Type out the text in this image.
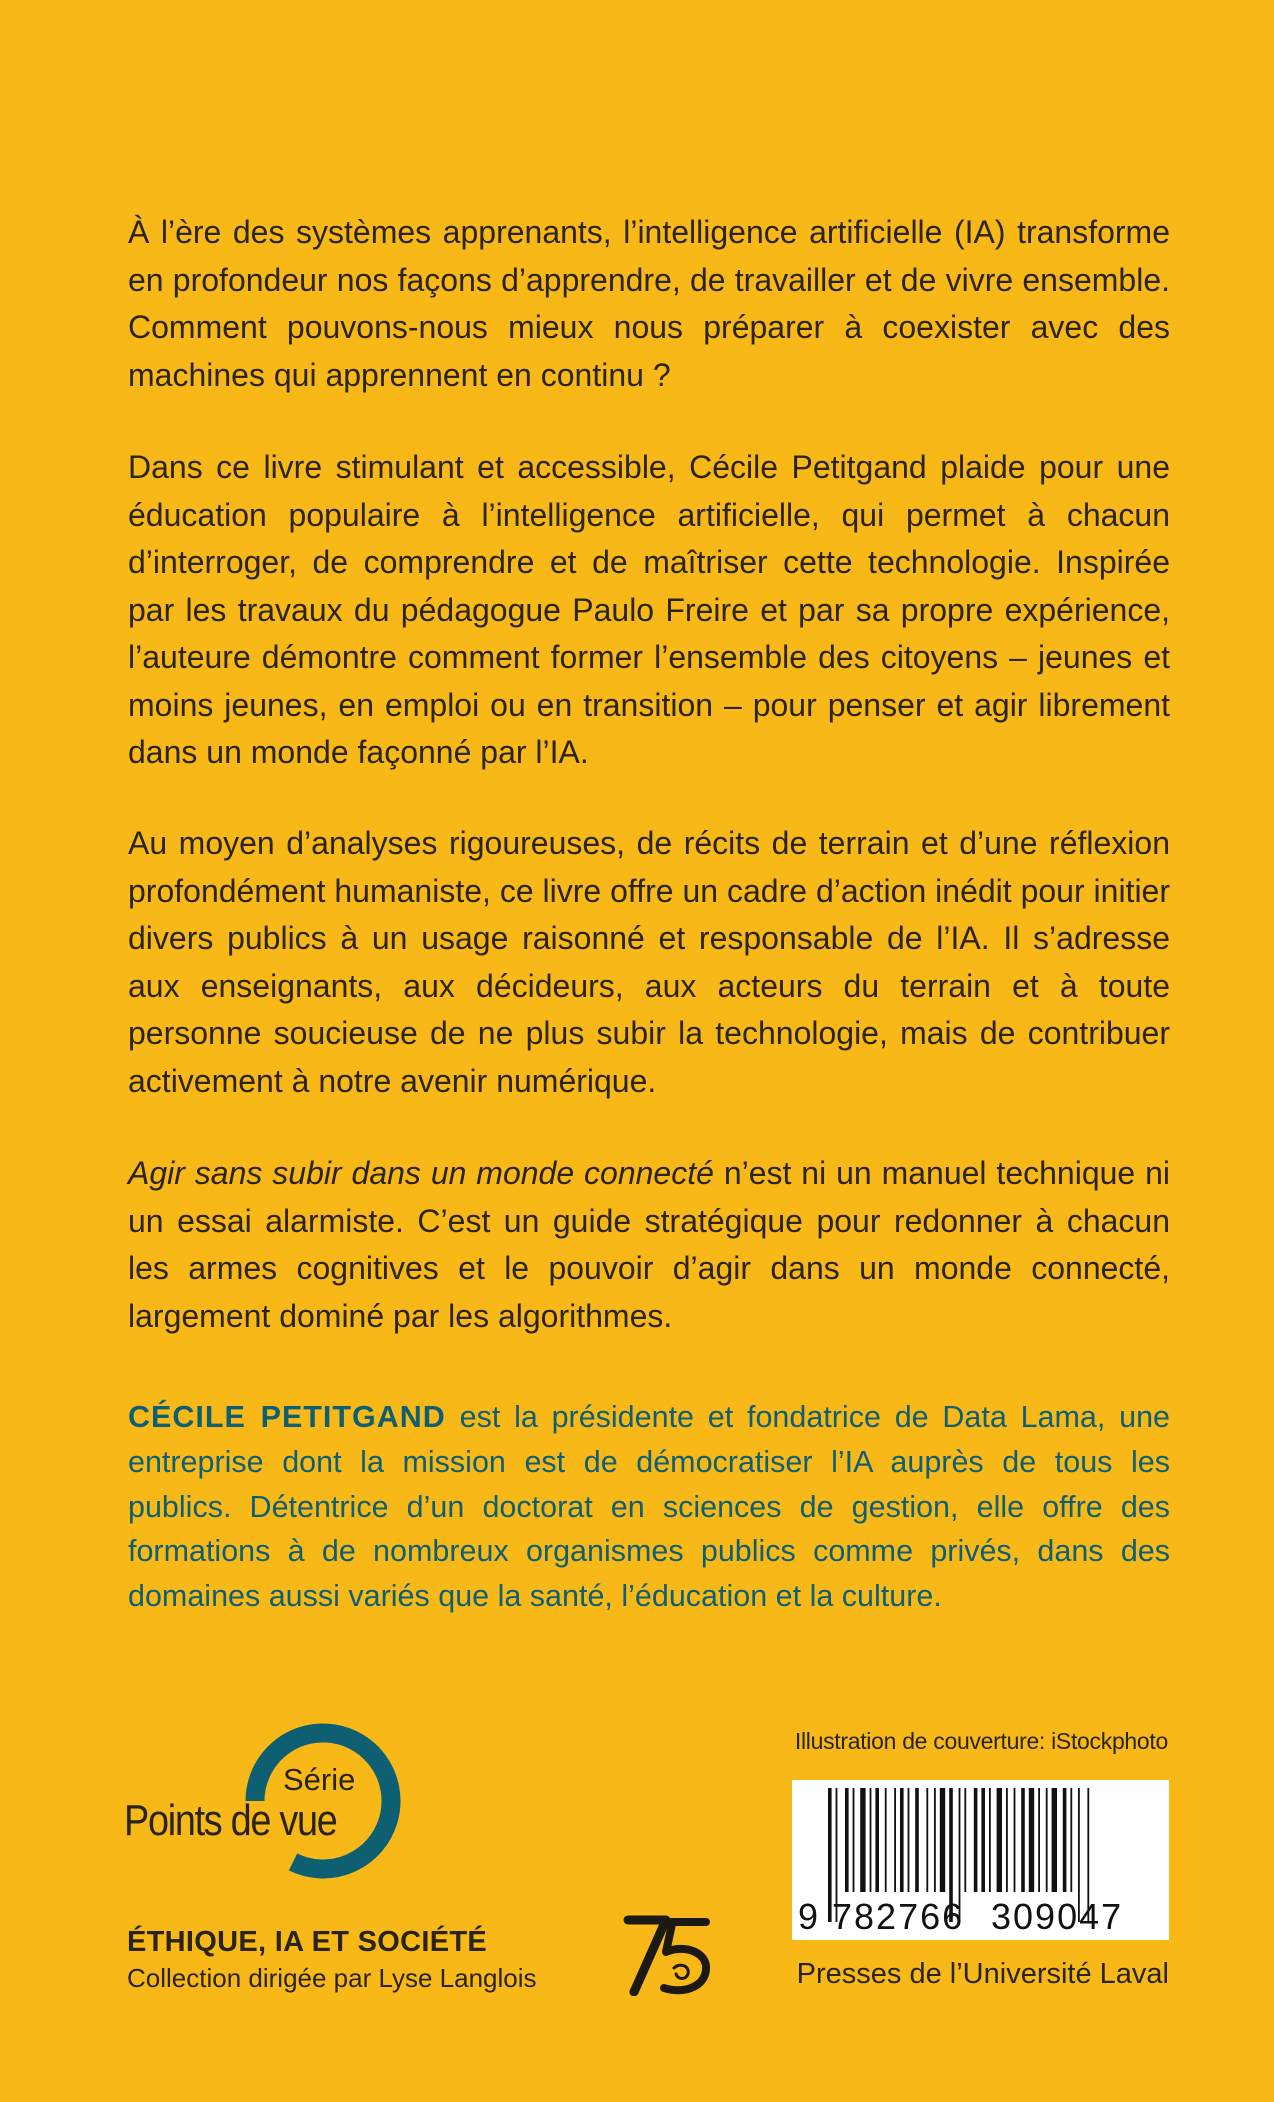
À l’ère des systèmes apprenants, l’intelligence artificielle (IA) transforme en profondeur nos façons d’apprendre, de travailler et de vivre ensemble. Comment pouvons-nous mieux nous préparer à coexister avec des machines qui apprennent en continu ?

Dans ce livre stimulant et accessible, Cécile Petitgand plaide pour une éducation populaire à l’intelligence artificielle, qui permet à chacun d’interroger, de comprendre et de maîtriser cette technologie. Inspirée par les travaux du pédagogue Paulo Freire et par sa propre expérience, l’auteure démontre comment former l’ensemble des citoyens – jeunes et moins jeunes, en emploi ou en transition – pour penser et agir librement dans un monde façonné par l’IA.

Au moyen d’analyses rigoureuses, de récits de terrain et d’une réflexion profondément humaniste, ce livre offre un cadre d’action inédit pour initier divers publics à un usage raisonné et responsable de l’IA. Il s’adresse aux enseignants, aux décideurs, aux acteurs du terrain et à toute personne soucieuse de ne plus subir la technologie, mais de contribuer activement à notre avenir numérique.

Agir sans subir dans un monde connecté n’est ni un manuel technique ni un essai alarmiste. C’est un guide stratégique pour redonner à chacun les armes cognitives et le pouvoir d’agir dans un monde connecté, largement dominé par les algorithmes.

CÉCILE PETITGAND est la présidente et fondatrice de Data Lama, une entreprise dont la mission est de démocratiser l’IA auprès de tous les publics. Détentrice d’un doctorat en sciences de gestion, elle offre des formations à de nombreux organismes publics comme privés, dans des domaines aussi variés que la santé, l’éducation et la culture.

Série
Points de vue
ÉTHIQUE, IA ET SOCIÉTÉ
Collection dirigée par Lyse Langlois
Illustration de couverture: iStockphoto
9 782766 309047
Presses de l’Université Laval
